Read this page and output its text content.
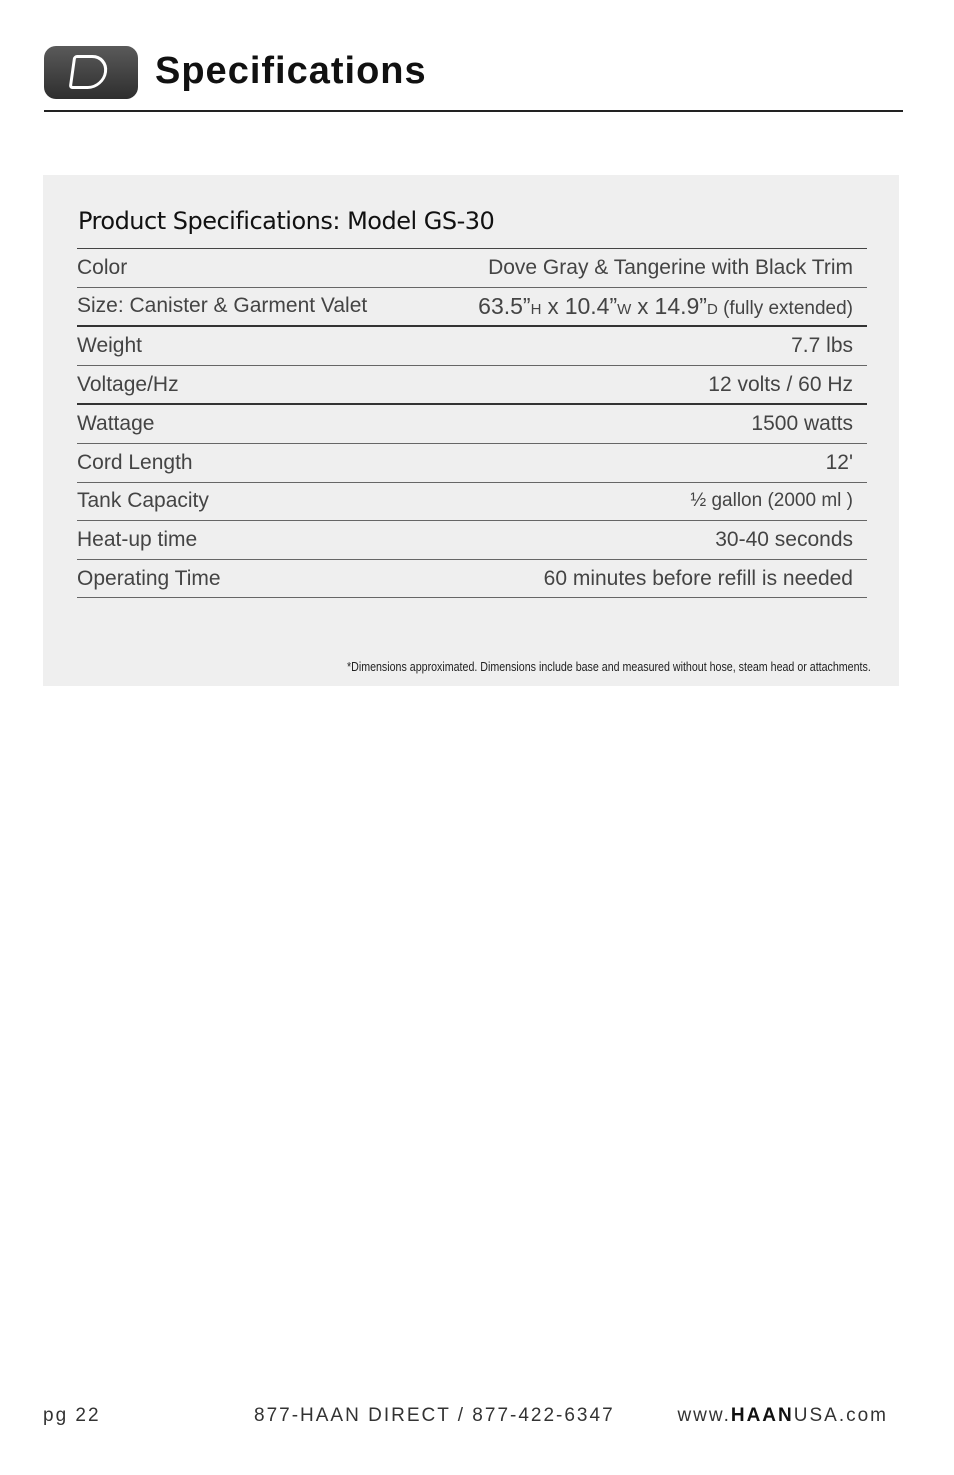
Specifications
Product Specifications: Model GS-30
Color	Dove Gray & Tangerine with Black Trim
Size: Canister & Garment Valet	63.5”H x 10.4”W x 14.9”D (fully extended)
Weight	7.7 lbs
Voltage/Hz	12 volts / 60 Hz
Wattage	1500 watts
Cord Length	12'
Tank Capacity	½ gallon (2000 ml )
Heat-up time	30-40 seconds
Operating Time	60 minutes before refill is needed
*Dimensions approximated. Dimensions include base and measured without hose, steam head or attachments.
pg 22	877-HAAN DIRECT / 877-422-6347	www.HAANUSA.com
